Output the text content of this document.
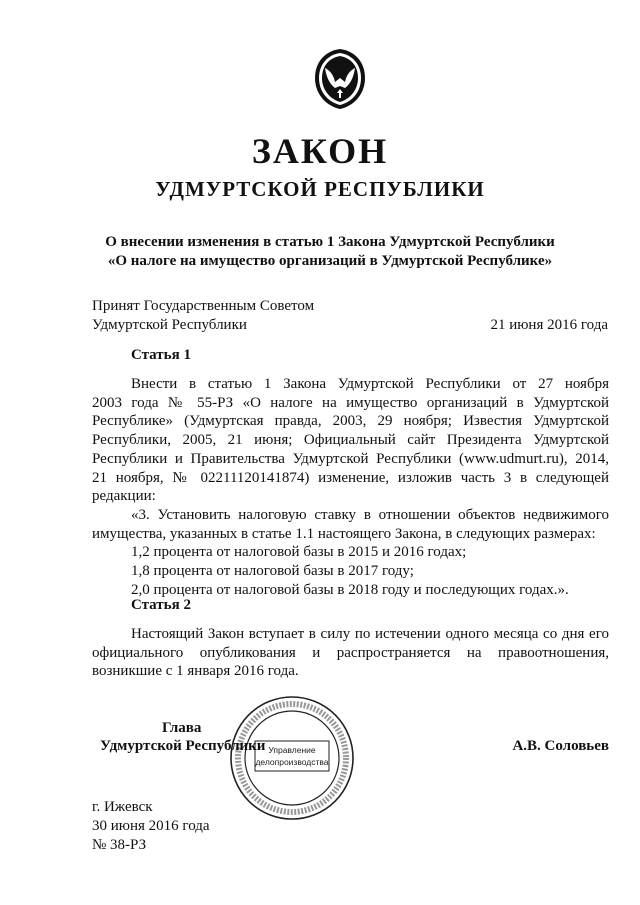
ЗАКОН
УДМУРТСКОЙ РЕСПУБЛИКИ
О внесении изменения в статью 1 Закона Удмуртской Республики
«О налоге на имущество организаций в Удмуртской Республике»
Принят Государственным Советом
Удмуртской Республики	21 июня 2016 года
Статья 1
Внести в статью 1 Закона Удмуртской Республики от 27 ноября
2003 года № 55-РЗ «О налоге на имущество организаций в Удмуртской
Республике» (Удмуртская правда, 2003, 29 ноября; Известия Удмуртской
Республики, 2005, 21 июня; Официальный сайт Президента Удмуртской
Республики и Правительства Удмуртской Республики (www.udmurt.ru), 2014,
21 ноября, № 02211120141874) изменение, изложив часть 3 в следующей
редакции:
«3. Установить налоговую ставку в отношении объектов недвижимого
имущества, указанных в статье 1.1 настоящего Закона, в следующих размерах:
1,2 процента от налоговой базы в 2015 и 2016 годах;
1,8 процента от налоговой базы в 2017 году;
2,0 процента от налоговой базы в 2018 году и последующих годах.».
Статья 2
Настоящий Закон вступает в силу по истечении одного месяца со дня его
официального опубликования и распространяется на правоотношения,
возникшие с 1 января 2016 года.
Управление
делопроизводства
Глава
Удмуртской Республики	А.В. Соловьев
г. Ижевск
30 июня 2016 года
№ 38-РЗ
